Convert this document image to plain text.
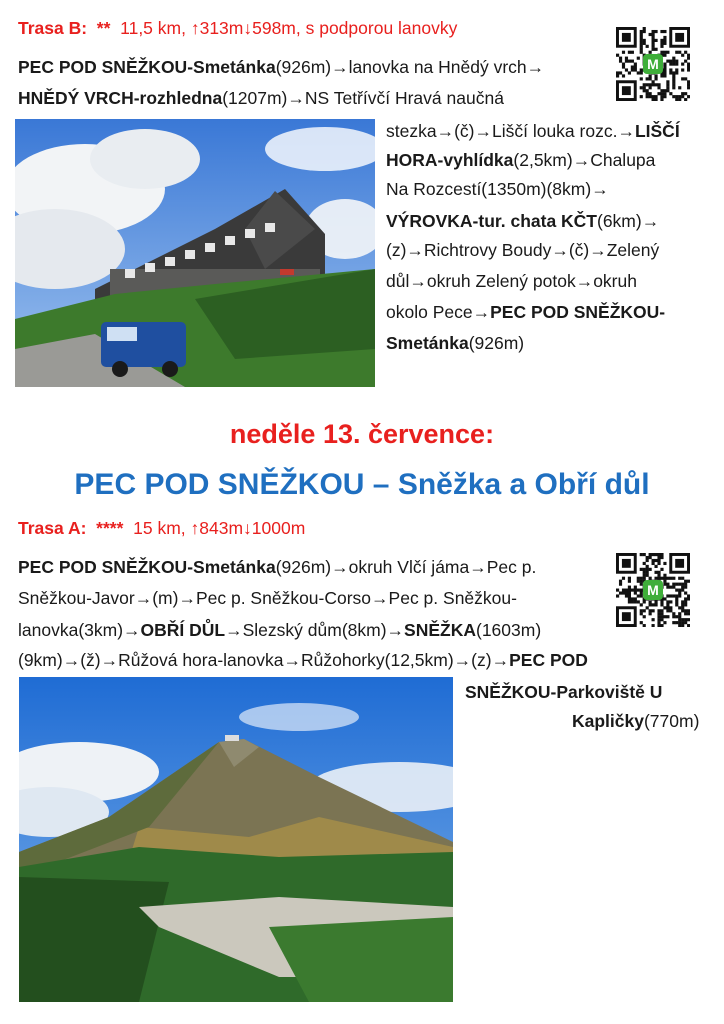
Trasa B: ** 11,5 km, ↑313m↓598m, s podporou lanovky
PEC POD SNĚŽKOU-Smetánka(926m)→lanovka na Hnědý vrch→
HNĚDÝ VRCH-rozhledna(1207m)→NS Tetřívčí Hravá naučná
stezka→(č)→Liščí louka rozc.→LIŠČÍ
HORA-vyhlídka(2,5km)→Chalupa
Na Rozcestí(1350m)(8km)→
VÝROVKA-tur. chata KČT(6km)→
(z)→Richtrovy Boudy→(č)→Zelený
důl→okruh Zelený potok→okruh
okolo Pece→PEC POD SNĚŽKOU-
Smetánka(926m)
M
neděle 13. července:
PEC POD SNĚŽKOU – Sněžka a Obří důl
Trasa A: **** 15 km, ↑843m↓1000m
PEC POD SNĚŽKOU-Smetánka(926m)→okruh Vlčí jáma→Pec p.
Sněžkou-Javor→(m)→Pec p. Sněžkou-Corso→Pec p. Sněžkou-
lanovka(3km)→OBŘÍ DŮL→Slezský dům(8km)→SNĚŽKA(1603m)
(9km)→(ž)→Růžová hora-lanovka→Růžohorky(12,5km)→(z)→PEC POD
SNĚŽKOU-Parkoviště U
Kapličky(770m)
M
